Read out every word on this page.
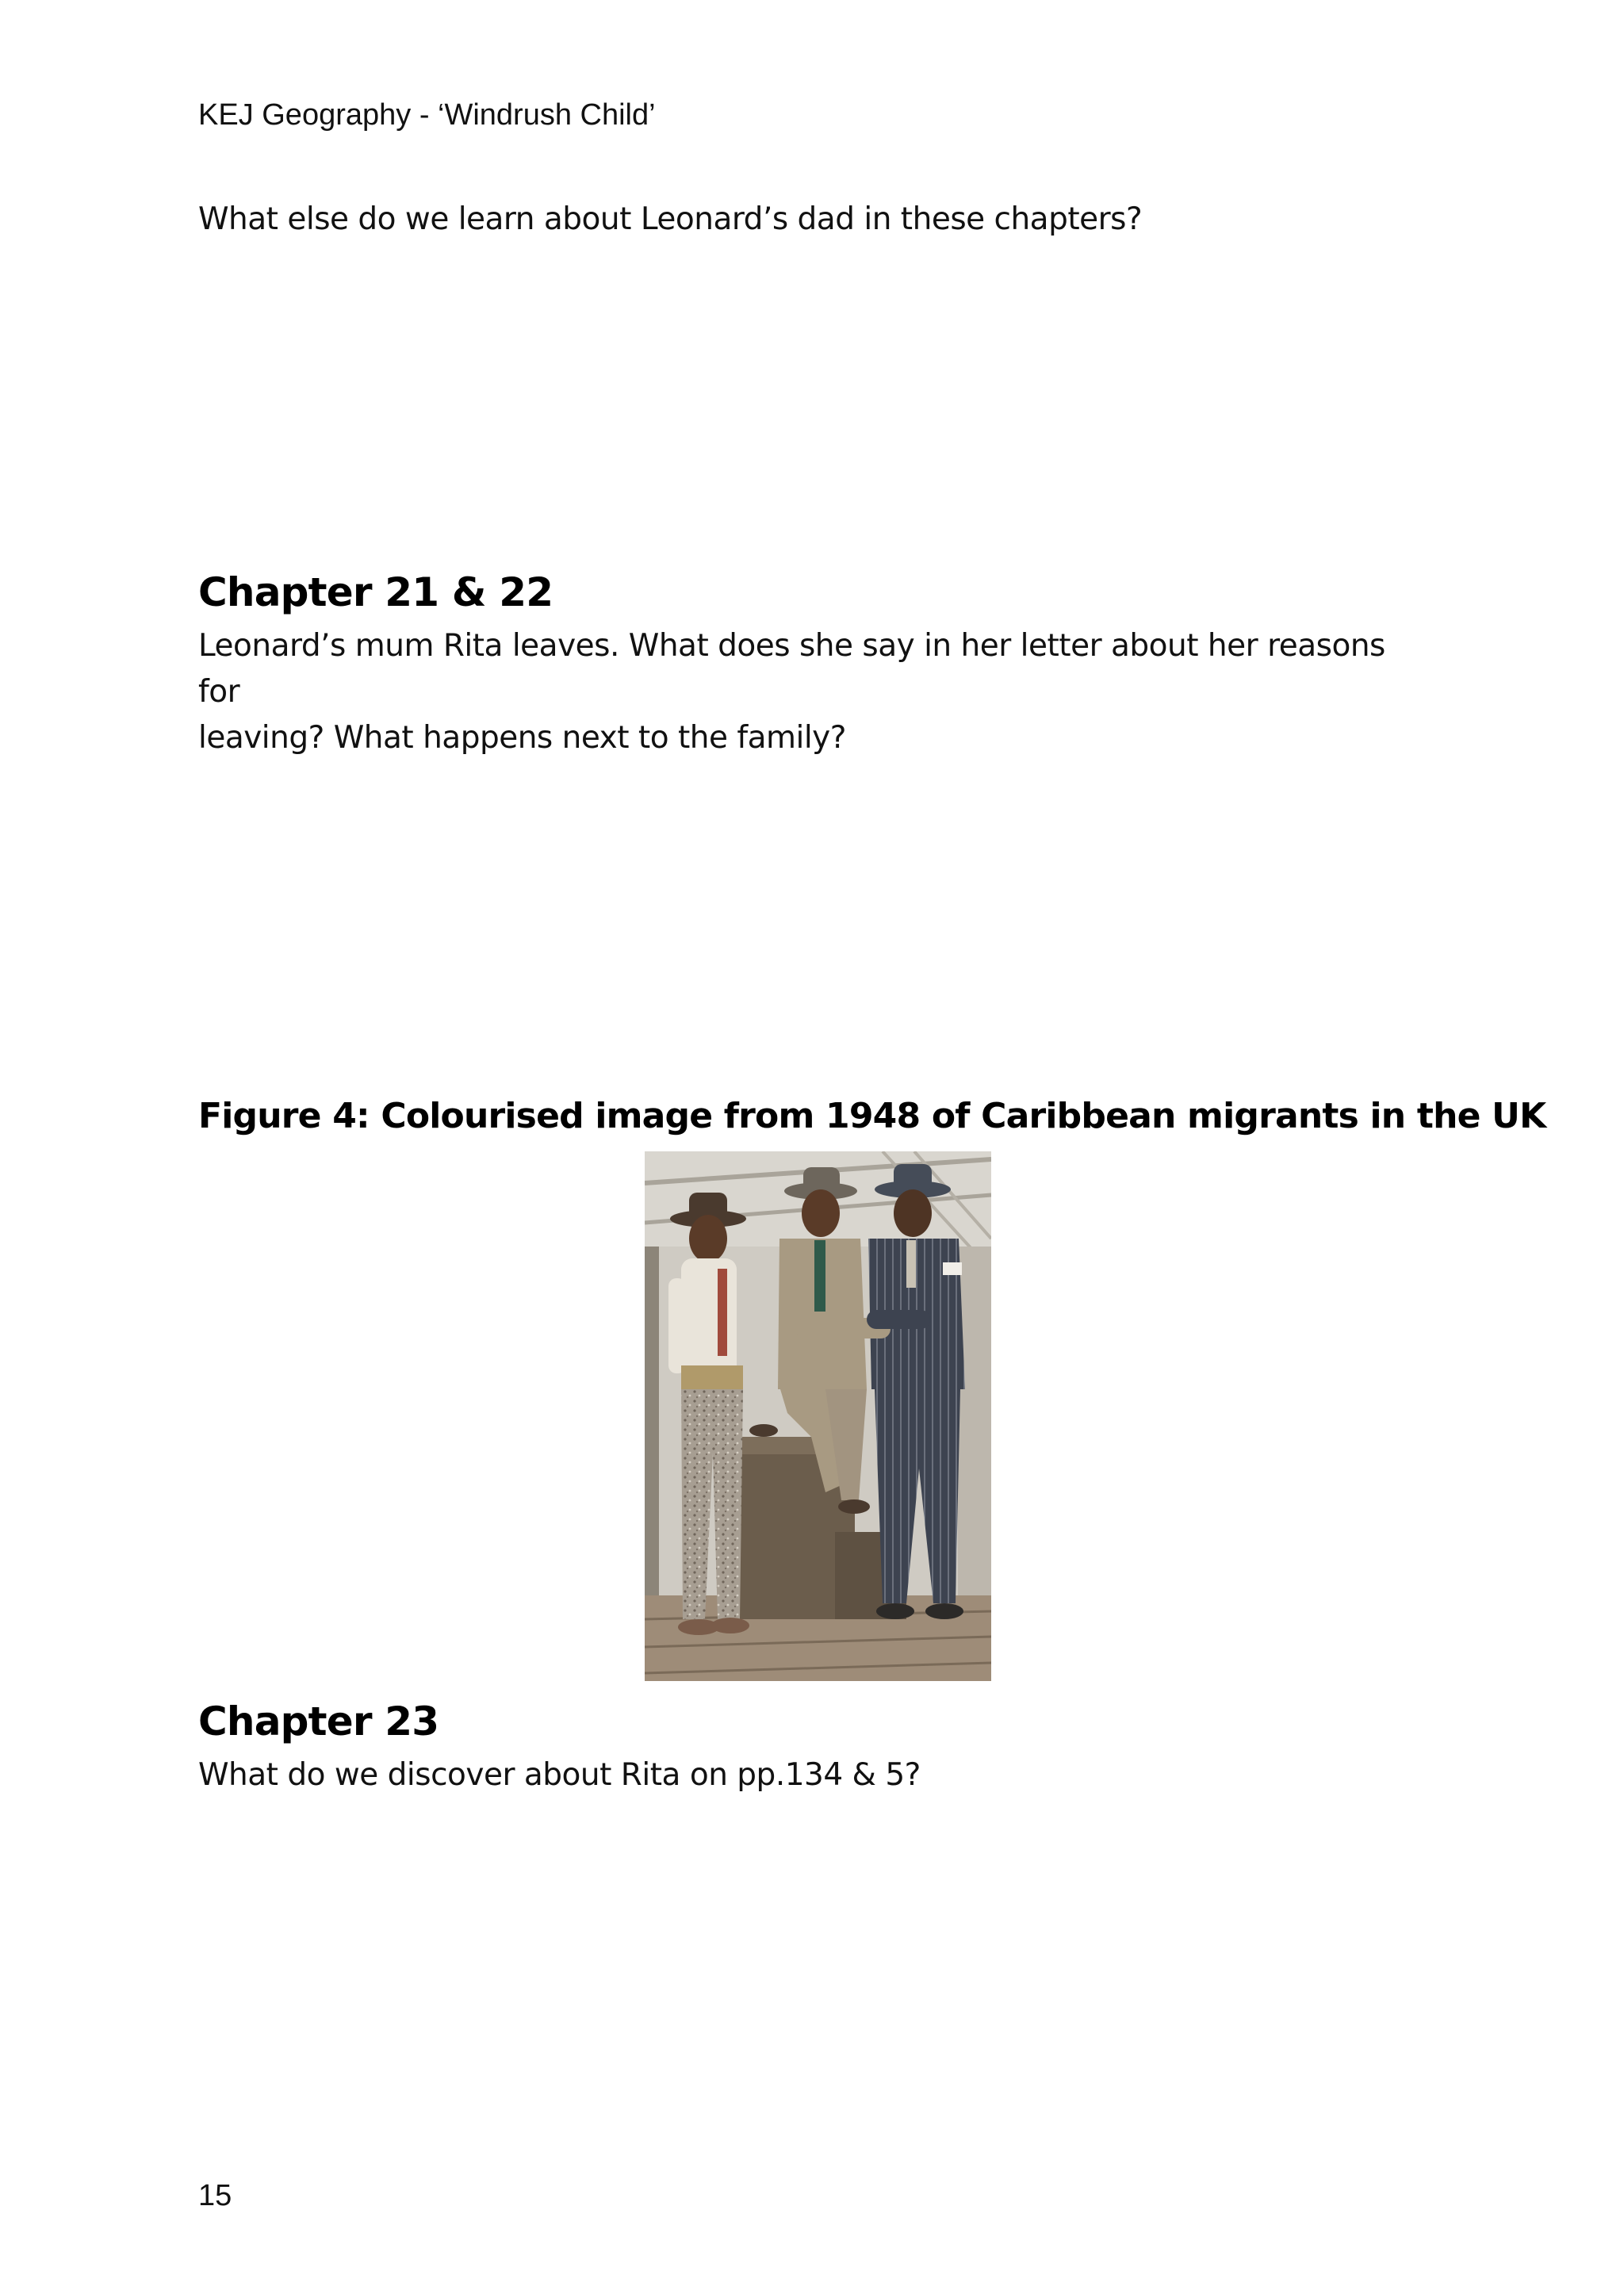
KEJ Geography - ‘Windrush Child’
What else do we learn about Leonard’s dad in these chapters?
Chapter 21 & 22
Leonard’s mum Rita leaves. What does she say in her letter about her reasons for
leaving? What happens next to the family?
Figure 4: Colourised image from 1948 of Caribbean migrants in the UK
Chapter 23
What do we discover about Rita on pp.134 & 5?
15
